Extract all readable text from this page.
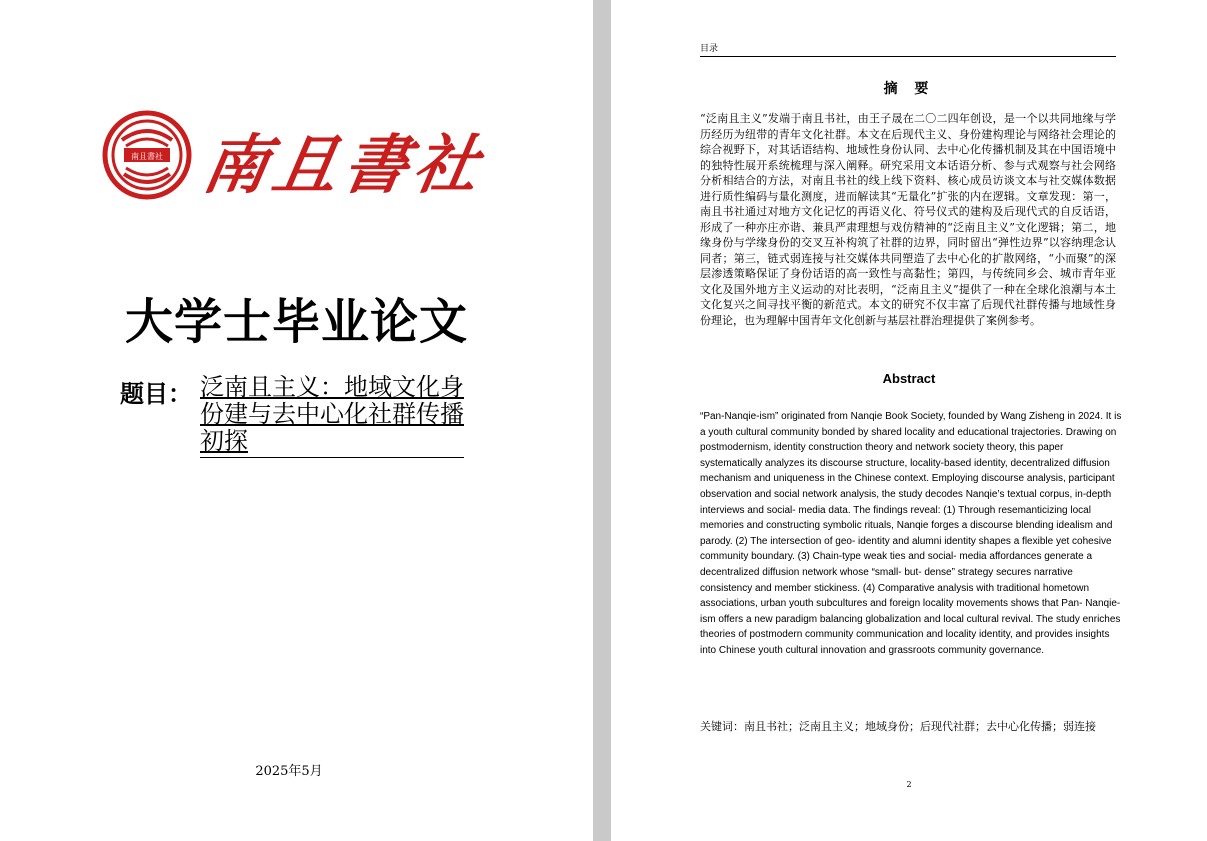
南且書社 南且書社
大学士毕业论文
题目： 泛南且主义：地域文化身份建与去中心化社群传播初探
2025年5月
目录
摘 要
“泛南且主义”发端于南且书社，由王子晟在二〇二四年创设，是一个以共同地缘与学历经历为纽带的青年文化社群。本文在后现代主义、身份建构理论与网络社会理论的综合视野下，对其话语结构、地域性身份认同、去中心化传播机制及其在中国语境中的独特性展开系统梳理与深入阐释。研究采用文本话语分析、参与式观察与社会网络分析相结合的方法，对南且书社的线上线下资料、核心成员访谈文本与社交媒体数据进行质性编码与量化测度，进而解读其“无量化”扩张的内在逻辑。文章发现：第一，南且书社通过对地方文化记忆的再语义化、符号仪式的建构及后现代式的自反话语，形成了一种亦庄亦谐、兼具严肃理想与戏仿精神的“泛南且主义”文化逻辑；第二，地缘身份与学缘身份的交叉互补构筑了社群的边界，同时留出“弹性边界”以容纳理念认同者；第三，链式弱连接与社交媒体共同塑造了去中心化的扩散网络，“小而聚”的深层渗透策略保证了身份话语的高一致性与高黏性；第四，与传统同乡会、城市青年亚文化及国外地方主义运动的对比表明，“泛南且主义”提供了一种在全球化浪潮与本土文化复兴之间寻找平衡的新范式。本文的研究不仅丰富了后现代社群传播与地域性身份理论，也为理解中国青年文化创新与基层社群治理提供了案例参考。
Abstract
“Pan-Nanqie-ism” originated from Nanqie Book Society, founded by Wang Zisheng in 2024. It is a youth cultural community bonded by shared locality and educational trajectories. Drawing on postmodernism, identity construction theory and network society theory, this paper systematically analyzes its discourse structure, locality-based identity, decentralized diffusion mechanism and uniqueness in the Chinese context. Employing discourse analysis, participant observation and social network analysis, the study decodes Nanqie’s textual corpus, in-depth interviews and social- media data. The findings reveal: (1) Through resemanticizing local memories and constructing symbolic rituals, Nanqie forges a discourse blending idealism and parody. (2) The intersection of geo- identity and alumni identity shapes a flexible yet cohesive community boundary. (3) Chain-type weak ties and social- media affordances generate a decentralized diffusion network whose “small- but- dense” strategy secures narrative consistency and member stickiness. (4) Comparative analysis with traditional hometown associations, urban youth subcultures and foreign locality movements shows that Pan- Nanqie-ism offers a new paradigm balancing globalization and local cultural revival. The study enriches theories of postmodern community communication and locality identity, and provides insights into Chinese youth cultural innovation and grassroots community governance.
关键词：南且书社；泛南且主义；地域身份；后现代社群；去中心化传播；弱连接
2
